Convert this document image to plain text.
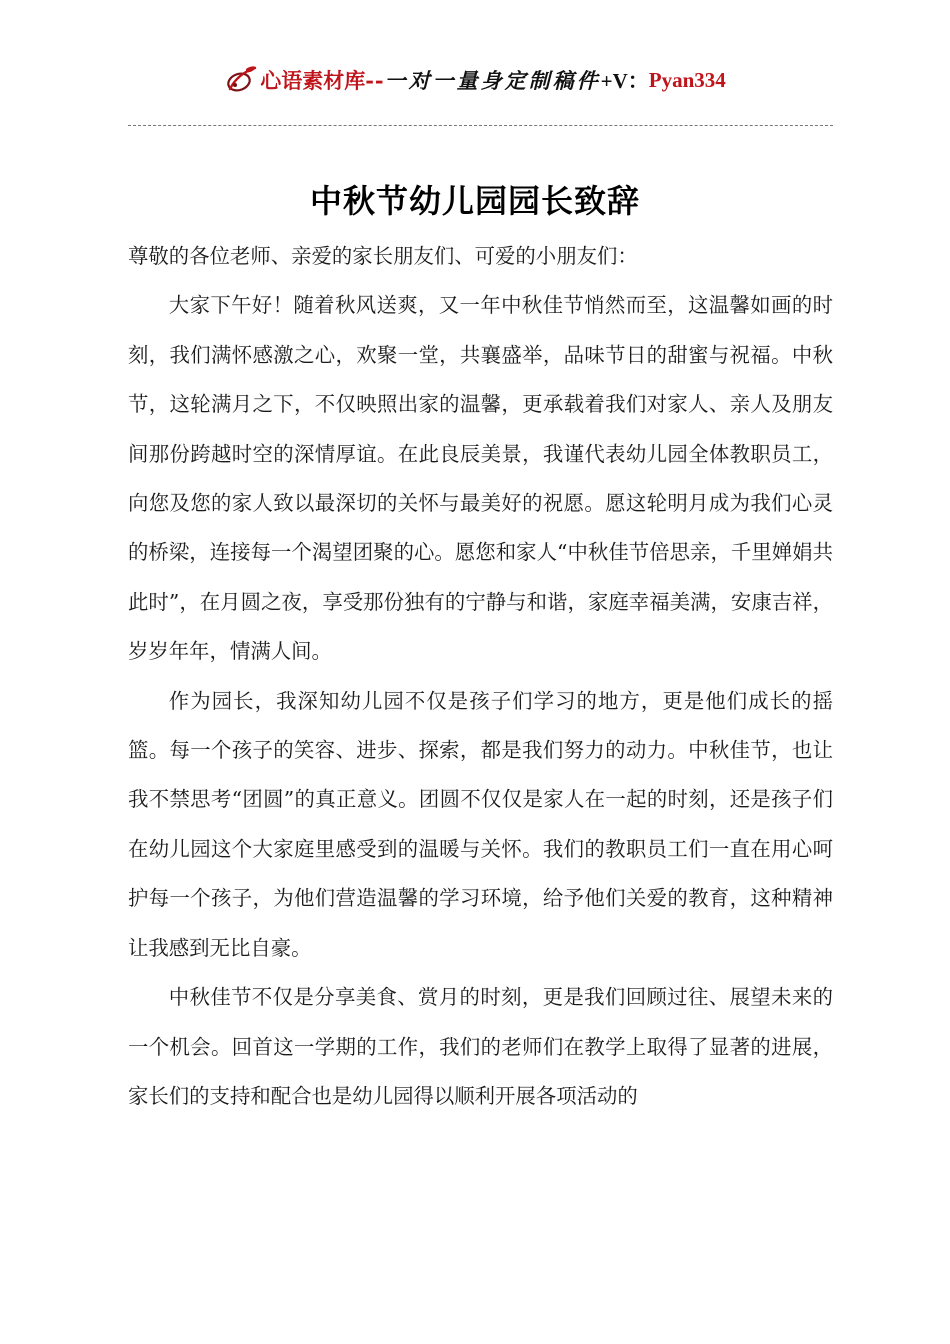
心语素材库 -- 一对一量身定制稿件 +V： Pyan334
中秋节幼儿园园长致辞

尊敬的各位老师、亲爱的家长朋友们、可爱的小朋友们：

大家下午好！随着秋风送爽，又一年中秋佳节悄然而至，这温馨如画的时刻，我们满怀感激之心，欢聚一堂，共襄盛举，品味节日的甜蜜与祝福。中秋节，这轮满月之下，不仅映照出家的温馨，更承载着我们对家人、亲人及朋友间那份跨越时空的深情厚谊。在此良辰美景，我谨代表幼儿园全体教职员工，向您及您的家人致以最深切的关怀与最美好的祝愿。愿这轮明月成为我们心灵的桥梁，连接每一个渴望团聚的心。愿您和家人“中秋佳节倍思亲，千里婵娟共此时”，在月圆之夜，享受那份独有的宁静与和谐，家庭幸福美满，安康吉祥，岁岁年年，情满人间。

作为园长，我深知幼儿园不仅是孩子们学习的地方，更是他们成长的摇篮。每一个孩子的笑容、进步、探索，都是我们努力的动力。中秋佳节，也让我不禁思考“团圆”的真正意义。团圆不仅仅是家人在一起的时刻，还是孩子们在幼儿园这个大家庭里感受到的温暖与关怀。我们的教职员工们一直在用心呵护每一个孩子，为他们营造温馨的学习环境，给予他们关爱的教育，这种精神让我感到无比自豪。

中秋佳节不仅是分享美食、赏月的时刻，更是我们回顾过往、展望未来的一个机会。回首这一学期的工作，我们的老师们在教学上取得了显著的进展，家长们的支持和配合也是幼儿园得以顺利开展各项活动的
